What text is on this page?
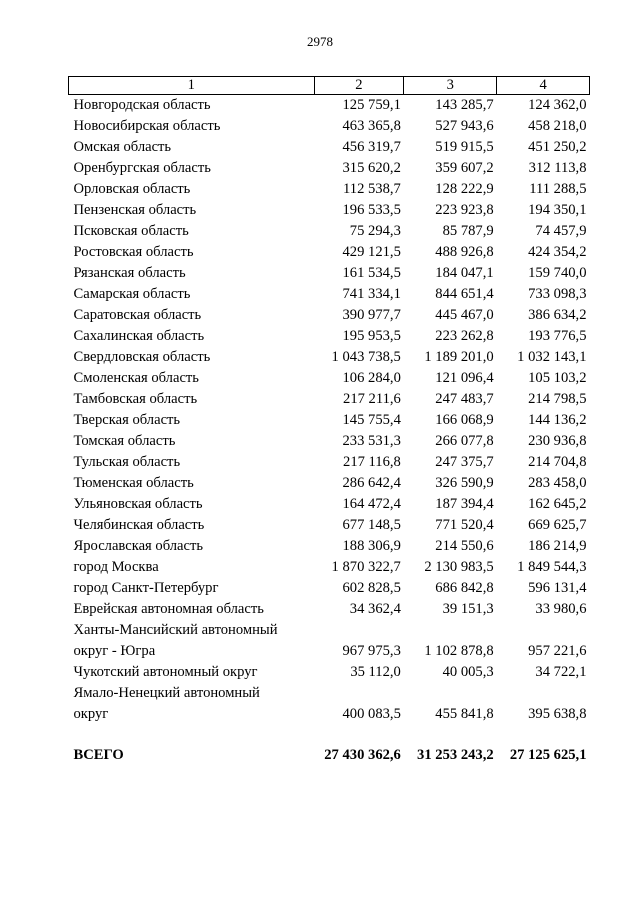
2978
1	2	3	4

Новгородская область	125 759,1	143 285,7	124 362,0

Новосибирская область	463 365,8	527 943,6	458 218,0

Омская область	456 319,7	519 915,5	451 250,2

Оренбургская область	315 620,2	359 607,2	312 113,8

Орловская область	112 538,7	128 222,9	111 288,5

Пензенская область	196 533,5	223 923,8	194 350,1

Псковская область	75 294,3	85 787,9	74 457,9

Ростовская область	429 121,5	488 926,8	424 354,2

Рязанская область	161 534,5	184 047,1	159 740,0

Самарская область	741 334,1	844 651,4	733 098,3

Саратовская область	390 977,7	445 467,0	386 634,2

Сахалинская область	195 953,5	223 262,8	193 776,5

Свердловская область	1 043 738,5	1 189 201,0	1 032 143,1

Смоленская область	106 284,0	121 096,4	105 103,2

Тамбовская область	217 211,6	247 483,7	214 798,5

Тверская область	145 755,4	166 068,9	144 136,2

Томская область	233 531,3	266 077,8	230 936,8

Тульская область	217 116,8	247 375,7	214 704,8

Тюменская область	286 642,4	326 590,9	283 458,0

Ульяновская область	164 472,4	187 394,4	162 645,2

Челябинская область	677 148,5	771 520,4	669 625,7

Ярославская область	188 306,9	214 550,6	186 214,9

город Москва	1 870 322,7	2 130 983,5	1 849 544,3

город Санкт-Петербург	602 828,5	686 842,8	596 131,4

Еврейская автономная область	34 362,4	39 151,3	33 980,6

Ханты-Мансийский автономный
округ - Югра	967 975,3	1 102 878,8	957 221,6

Чукотский автономный округ	35 112,0	40 005,3	34 722,1

Ямало-Ненецкий автономный
округ	400 083,5	455 841,8	395 638,8

ВСЕГО	27 430 362,6	31 253 243,2	27 125 625,1
